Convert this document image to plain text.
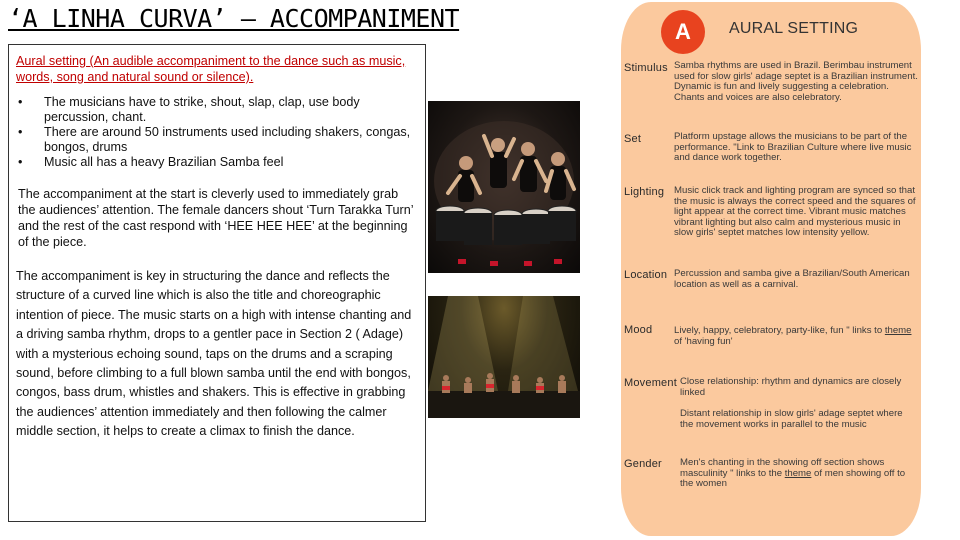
‘A LINHA CURVA’ – ACCOMPANIMENT

Aural setting (An audible accompaniment to the dance such as music, words, song and natural sound or silence).

• The musicians have to strike, shout, slap, clap, use body percussion, chant.
• There are around 50 instruments used including shakers, congas, bongos, drums
• Music all has a heavy Brazilian Samba feel

The accompaniment at the start is cleverly used to immediately grab the audiences’ attention. The female dancers shout ‘Turn Tarakka Turn’ and the rest of the cast respond with ‘HEE HEE HEE’ at the beginning of the piece.

The accompaniment is key in structuring the dance and reflects the structure of a curved line which is also the title and choreographic intention of piece. The music starts on a high with intense chanting and a driving samba rhythm, drops to a gentler pace in Section 2 ( Adage) with a mysterious echoing sound, taps on the drums and a scraping sound, before climbing to a full blown samba until the end with bongos, congos, bass drum, whistles and shakers. This is effective in grabbing the audiences’ attention immediately and then following the calmer middle section, it helps to create a climax to finish the dance.

A	AURAL SETTING
Stimulus Samba rhythms are used in Brazil. Berimbau instrument used for slow girls' adage septet is a Brazilian instrument. Dynamic is fun and lively suggesting a celebration. Chants and voices are also celebratory.
Set	Platform upstage allows the musicians to be part of the performance. "Link to Brazilian Culture where live music and dance work together.
Lighting Music click track and lighting program are synced so that the music is always the correct speed and the squares of light appear at the correct time. Vibrant music matches vibrant lighting but also calm and mysterious music in slow girls' septet matches low intensity yellow.
Location Percussion and samba give a Brazilian/South American location as well as a carnival.
Mood Lively, happy, celebratory, party-like, fun " links to theme of 'having fun'
Movement Close relationship: rhythm and dynamics are closely linked
Distant relationship in slow girls' adage septet where the movement works in parallel to the music
Gender Men's chanting in the showing off section shows masculinity " links to the theme of men showing off to the women
